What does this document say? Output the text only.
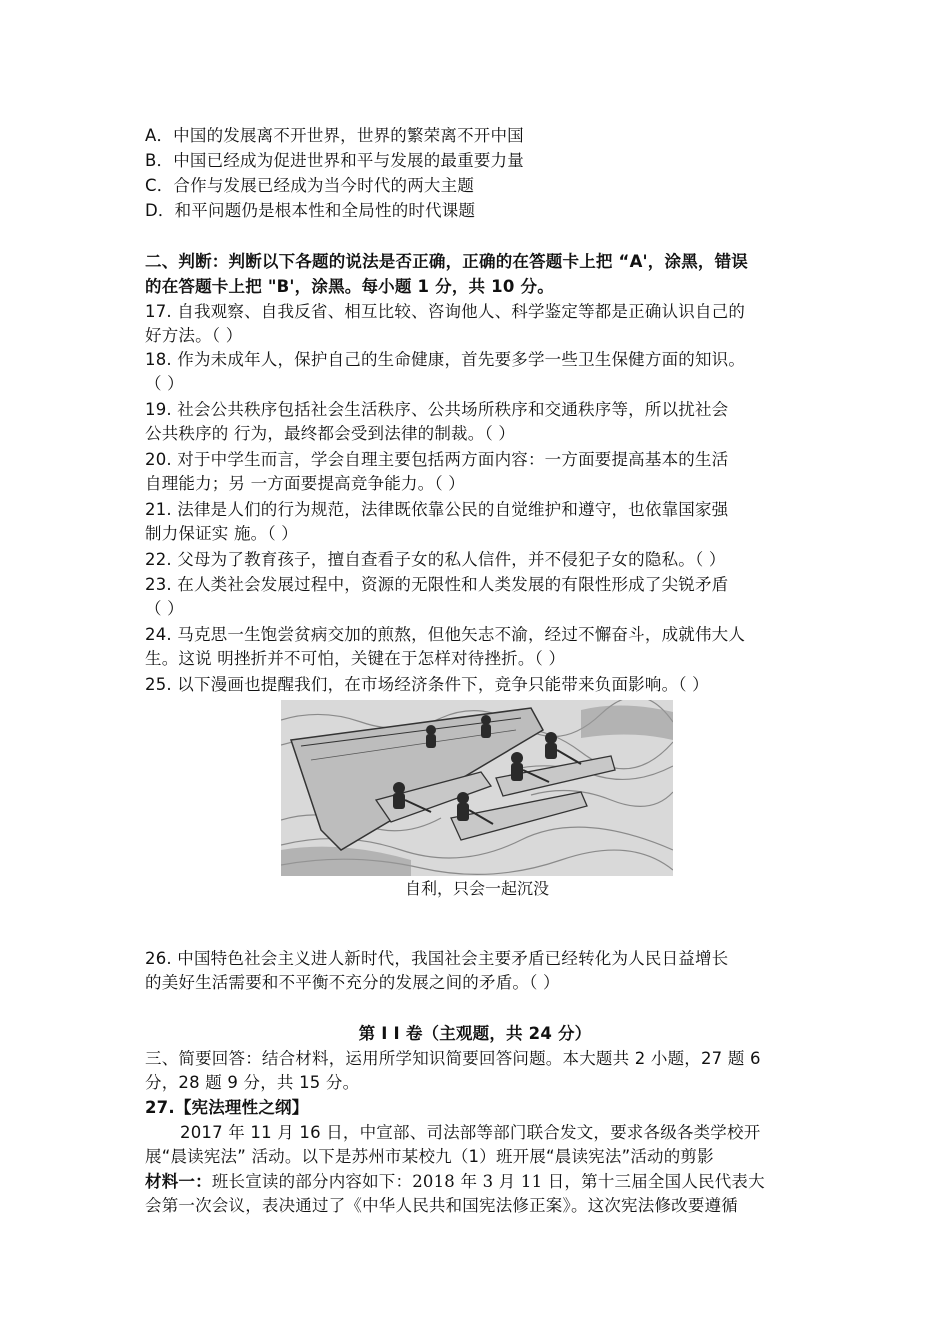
A．中国的发展离不开世界，世界的繁荣离不开中国
B．中国已经成为促进世界和平与发展的最重要力量
C．合作与发展已经成为当今时代的两大主题
D．和平问题仍是根本性和全局性的时代课题
二、判断：判断以下各题的说法是否正确，正确的在答题卡上把 “A'，涂黑，错误
的在答题卡上把 "B'，涂黑。每小题 1 分，共 10 分。
17. 自我观察、自我反省、相互比较、咨询他人、科学鉴定等都是正确认识自己的
好方法。（ ）
18. 作为未成年人，保护自己的生命健康，首先要多学一些卫生保健方面的知识。
（ ）
19. 社会公共秩序包括社会生活秩序、公共场所秩序和交通秩序等，所以扰社会
公共秩序的 行为，最终都会受到法律的制裁。（ ）
20. 对于中学生而言，学会自理主要包括两方面内容：一方面要提高基本的生活
自理能力；另 一方面要提高竞争能力。（ ）
21. 法律是人们的行为规范，法律既依靠公民的自觉维护和遵守，也依靠国家强
制力保证实 施。（ ）
22. 父母为了教育孩子，擅自查看子女的私人信件，并不侵犯子女的隐私。（ ）
23. 在人类社会发展过程中，资源的无限性和人类发展的有限性形成了尖锐矛盾
（ ）
24. 马克思一生饱尝贫病交加的煎熬，但他矢志不渝，经过不懈奋斗，成就伟大人
生。这说 明挫折并不可怕，关键在于怎样对待挫折。（ ）
25. 以下漫画也提醒我们，在市场经济条件下，竞争只能带来负面影响。（ ）
自利，只会一起沉没
26. 中国特色社会主义进人新时代，我国社会主要矛盾已经转化为人民日益增长
的美好生活需要和不平衡不充分的发展之间的矛盾。（ ）
第 I I 卷（主观题，共 24 分）
三、简要回答：结合材料，运用所学知识简要回答问题。本大题共 2 小题，27 题 6
分，28 题 9 分，共 15 分。
27.【宪法理性之纲】
2017 年 11 月 16 日，中宣部、司法部等部门联合发文，要求各级各类学校开
展“晨读宪法” 活动。以下是苏州市某校九（1）班开展“晨读宪法”活动的剪影
材料一：班长宣读的部分内容如下：2018 年 3 月 11 日，第十三届全国人民代表大
会第一次会议，表决通过了《中华人民共和国宪法修正案》。这次宪法修改要遵循
